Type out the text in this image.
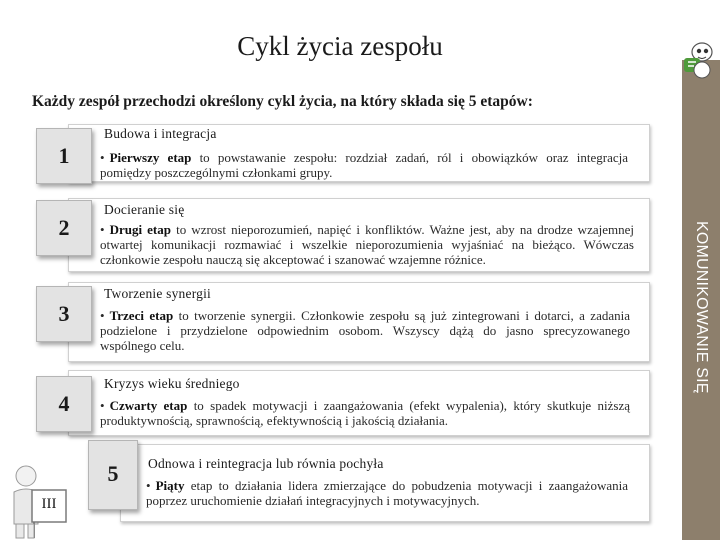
Cykl życia zespołu
Każdy zespół przechodzi określony cykl życia, na który składa się 5 etapów:
KOMUNIKOWANIE SIĘ
1
Budowa i integracja
• Pierwszy etap to powstawanie zespołu: rozdział zadań, ról i obowiązków oraz integracja pomiędzy poszczególnymi członkami grupy.
2
Docieranie się
• Drugi etap to wzrost nieporozumień, napięć i konfliktów. Ważne jest, aby na drodze wzajemnej otwartej komunikacji rozmawiać i wszelkie nieporozumienia wyjaśniać na bieżąco. Wówczas członkowie zespołu nauczą się akceptować i szanować wzajemne różnice.
3
Tworzenie synergii
• Trzeci etap to tworzenie synergii. Członkowie zespołu są już zintegrowani i dotarci, a zadania podzielone i przydzielone odpowiednim osobom. Wszyscy dążą do jasno sprecyzowanego wspólnego celu.
4
Kryzys wieku średniego
• Czwarty etap to spadek motywacji i zaangażowania (efekt wypalenia), który skutkuje niższą produktywnością, sprawnością, efektywnością i jakością działania.
5 Odnowa i reintegracja lub równia pochyła
• Piąty etap to działania lidera zmierzające do pobudzenia motywacji i zaangażowania poprzez uruchomienie działań integracyjnych i motywacyjnych.
III
